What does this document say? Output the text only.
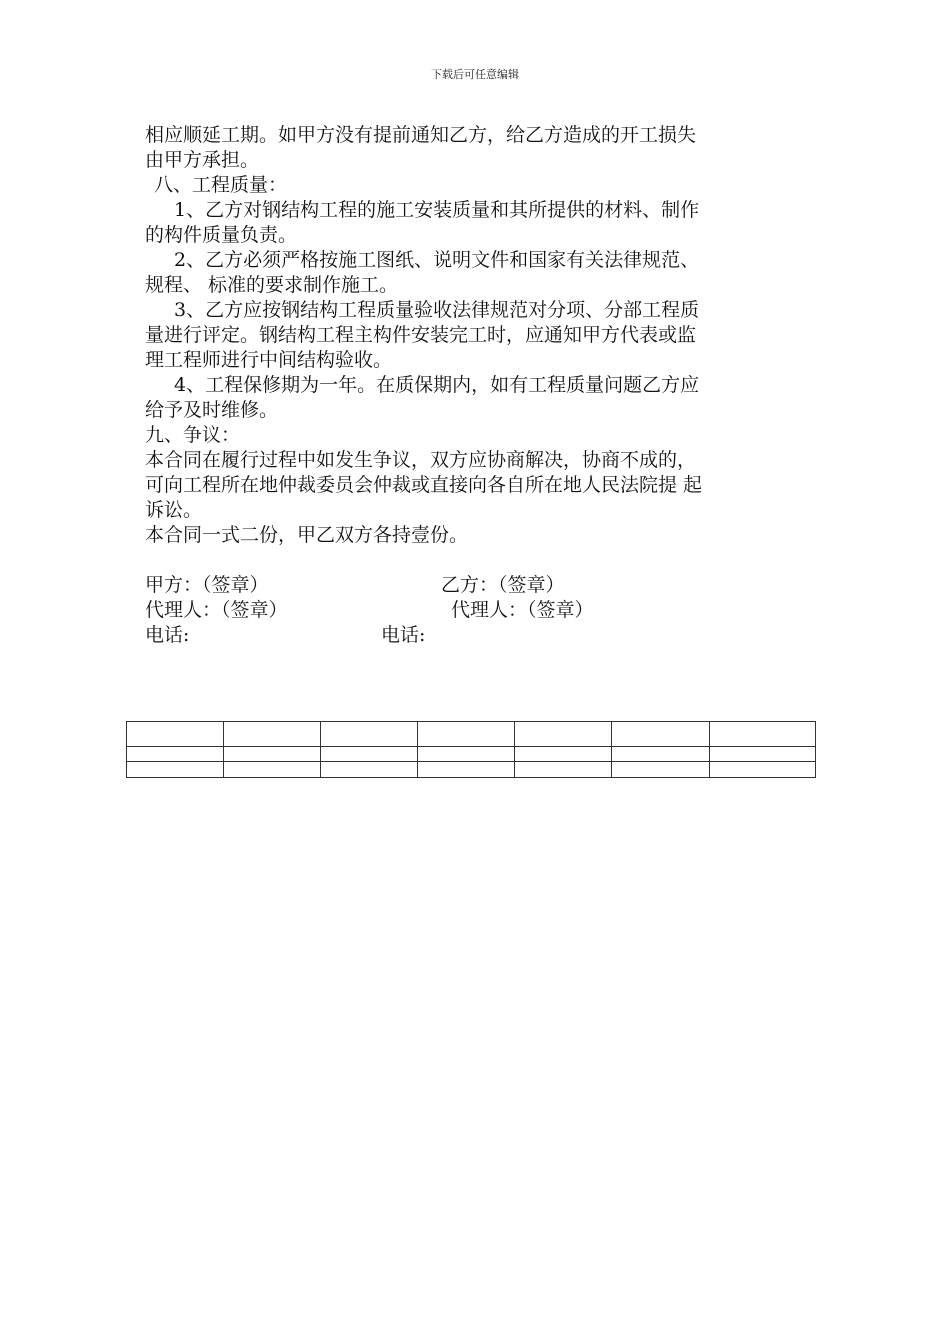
下载后可任意编辑

相应顺延工期。如甲方没有提前通知乙方，给乙方造成的开工损失

由甲方承担。

八、工程质量：

1、乙方对钢结构工程的施工安装质量和其所提供的材料、制作

的构件质量负责。

2、乙方必须严格按施工图纸、说明文件和国家有关法律规范、

规程、 标准的要求制作施工。

3、乙方应按钢结构工程质量验收法律规范对分项、分部工程质

量进行评定。钢结构工程主构件安装完工时，应通知甲方代表或监

理工程师进行中间结构验收。

4、工程保修期为一年。在质保期内，如有工程质量问题乙方应

给予及时维修。

九、争议：

本合同在履行过程中如发生争议，双方应协商解决，协商不成的，

可向工程所在地仲裁委员会仲裁或直接向各自所在地人民法院提 起

诉讼。

本合同一式二份，甲乙双方各持壹份。

甲方：（签章）	乙方：（签章）
代理人：（签章）	代理人：（签章）
电话:	电话:
